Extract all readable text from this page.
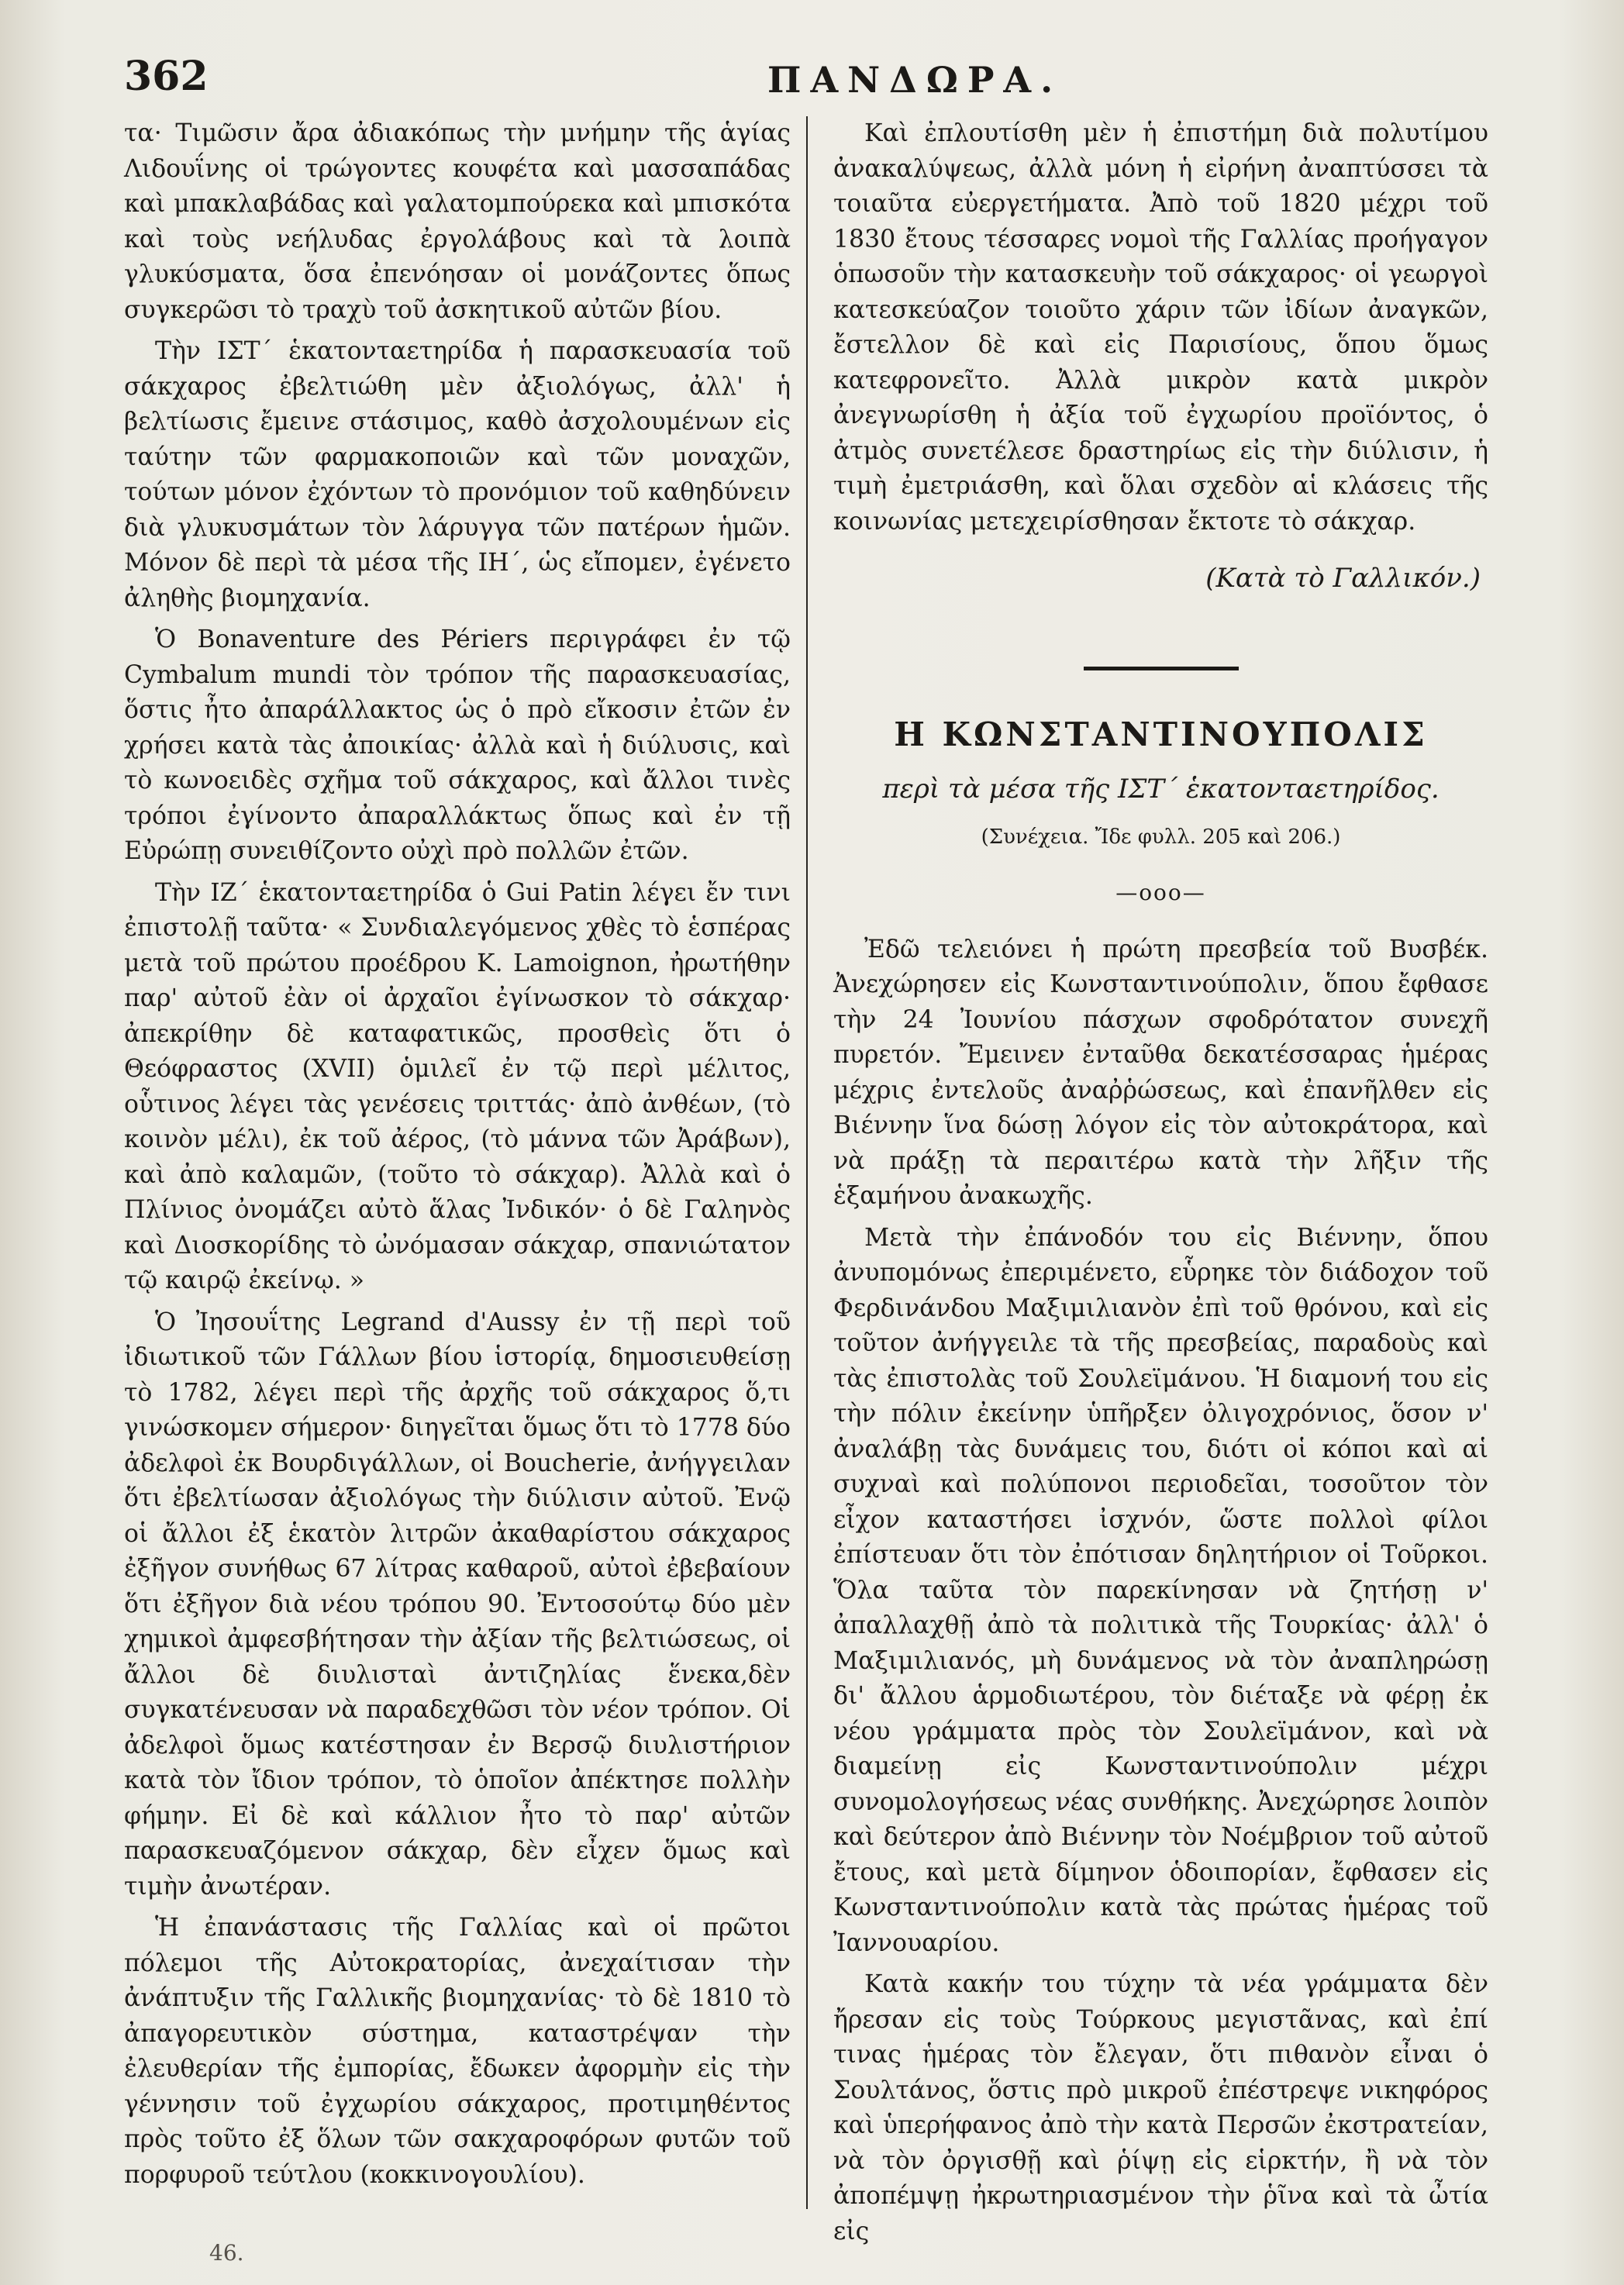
362	ΠΑΝΔΩΡΑ.

τα· Τιμῶσιν ἄρα ἀδιακόπως τὴν μνήμην τῆς ἁγίας Λιδουΐνης οἱ τρώγοντες κουφέτα καὶ μασσαπάδας καὶ μπακλαβάδας καὶ γαλατομπούρεκα καὶ μπισκότα καὶ τοὺς νεήλυδας ἐργολάβους καὶ τὰ λοιπὰ γλυκύσματα, ὅσα ἐπενόησαν οἱ μονάζοντες ὅπως συγκερῶσι τὸ τραχὺ τοῦ ἀσκητικοῦ αὐτῶν βίου.

Τὴν ΙΣΤ΄ ἑκατονταετηρίδα ἡ παρασκευασία τοῦ σάκχαρος ἐβελτιώθη μὲν ἀξιολόγως, ἀλλ' ἡ βελτίωσις ἔμεινε στάσιμος, καθὸ ἀσχολουμένων εἰς ταύτην τῶν φαρμακοποιῶν καὶ τῶν μοναχῶν, τούτων μόνον ἐχόντων τὸ προνόμιον τοῦ καθηδύνειν διὰ γλυκυσμάτων τὸν λάρυγγα τῶν πατέρων ἡμῶν. Μόνον δὲ περὶ τὰ μέσα τῆς ΙΗ΄, ὡς εἴπομεν, ἐγένετο ἀληθὴς βιομηχανία.

Ὁ Bonaventure des Périers περιγράφει ἐν τῷ Cymbalum mundi τὸν τρόπον τῆς παρασκευασίας, ὅστις ἦτο ἀπαράλλακτος ὡς ὁ πρὸ εἴκοσιν ἐτῶν ἐν χρήσει κατὰ τὰς ἀποικίας· ἀλλὰ καὶ ἡ διύλυσις, καὶ τὸ κωνοειδὲς σχῆμα τοῦ σάκχαρος, καὶ ἄλλοι τινὲς τρόποι ἐγίνοντο ἀπαραλλάκτως ὅπως καὶ ἐν τῇ Εὐρώπῃ συνειθίζοντο οὐχὶ πρὸ πολλῶν ἐτῶν.

Τὴν ΙΖ΄ ἑκατονταετηρίδα ὁ Gui Patin λέγει ἔν τινι ἐπιστολῇ ταῦτα· « Συνδιαλεγόμενος χθὲς τὸ ἑσπέρας μετὰ τοῦ πρώτου προέδρου Κ. Lamoignon, ἠρωτήθην παρ' αὐτοῦ ἐὰν οἱ ἀρχαῖοι ἐγίνωσκον τὸ σάκχαρ· ἀπεκρίθην δὲ καταφατικῶς, προσθεὶς ὅτι ὁ Θεόφραστος (XVII) ὁμιλεῖ ἐν τῷ περὶ μέλιτος, οὗτινος λέγει τὰς γενέσεις τριττάς· ἀπὸ ἀνθέων, (τὸ κοινὸν μέλι), ἐκ τοῦ ἀέρος, (τὸ μάννα τῶν Ἀράβων), καὶ ἀπὸ καλαμῶν, (τοῦτο τὸ σάκχαρ). Ἀλλὰ καὶ ὁ Πλίνιος ὀνομάζει αὐτὸ ἅλας Ἰνδικόν· ὁ δὲ Γαληνὸς καὶ Διοσκορίδης τὸ ὠνόμασαν σάκχαρ, σπανιώτατον τῷ καιρῷ ἐκείνῳ. »

Ὁ Ἰησουΐτης Legrand d'Aussy ἐν τῇ περὶ τοῦ ἰδιωτικοῦ τῶν Γάλλων βίου ἱστορίᾳ, δημοσιευθείσῃ τὸ 1782, λέγει περὶ τῆς ἀρχῆς τοῦ σάκχαρος ὅ,τι γινώσκομεν σήμερον· διηγεῖται ὅμως ὅτι τὸ 1778 δύο ἀδελφοὶ ἐκ Βουρδιγάλλων, οἱ Boucherie, ἀνήγγειλαν ὅτι ἐβελτίωσαν ἀξιολόγως τὴν διύλισιν αὐτοῦ. Ἐνῷ οἱ ἄλλοι ἐξ ἑκατὸν λιτρῶν ἀκαθαρίστου σάκχαρος ἐξῆγον συνήθως 67 λίτρας καθαροῦ, αὐτοὶ ἐβεβαίουν ὅτι ἐξῆγον διὰ νέου τρόπου 90. Ἐντοσούτῳ δύο μὲν χημικοὶ ἀμφεσβήτησαν τὴν ἀξίαν τῆς βελτιώσεως, οἱ ἄλλοι δὲ διυλισταὶ ἀντιζηλίας ἕνεκα,δὲν συγκατένευσαν νὰ παραδεχθῶσι τὸν νέον τρόπον. Οἱ ἀδελφοὶ ὅμως κατέστησαν ἐν Βερσῷ διυλιστήριον κατὰ τὸν ἴδιον τρόπον, τὸ ὁποῖον ἀπέκτησε πολλὴν φήμην. Εἰ δὲ καὶ κάλλιον ἦτο τὸ παρ' αὐτῶν παρασκευαζόμενον σάκχαρ, δὲν εἶχεν ὅμως καὶ τιμὴν ἀνωτέραν.

Ἡ ἐπανάστασις τῆς Γαλλίας καὶ οἱ πρῶτοι πόλεμοι τῆς Αὐτοκρατορίας, ἀνεχαίτισαν τὴν ἀνάπτυξιν τῆς Γαλλικῆς βιομηχανίας· τὸ δὲ 1810 τὸ ἀπαγορευτικὸν σύστημα, καταστρέψαν τὴν ἐλευθερίαν τῆς ἐμπορίας, ἔδωκεν ἀφορμὴν εἰς τὴν γέννησιν τοῦ ἐγχωρίου σάκχαρος, προτιμηθέντος πρὸς τοῦτο ἐξ ὅλων τῶν σακχαροφόρων φυτῶν τοῦ πορφυροῦ τεύτλου (κοκκινογουλίου).

Καὶ ἐπλουτίσθη μὲν ἡ ἐπιστήμη διὰ πολυτίμου ἀνακαλύψεως, ἀλλὰ μόνη ἡ εἰρήνη ἀναπτύσσει τὰ τοιαῦτα εὐεργετήματα. Ἀπὸ τοῦ 1820 μέχρι τοῦ 1830 ἔτους τέσσαρες νομοὶ τῆς Γαλλίας προήγαγον ὁπωσοῦν τὴν κατασκευὴν τοῦ σάκχαρος· οἱ γεωργοὶ κατεσκεύαζον τοιοῦτο χάριν τῶν ἰδίων ἀναγκῶν, ἔστελλον δὲ καὶ εἰς Παρισίους, ὅπου ὅμως κατεφρονεῖτο. Ἀλλὰ μικρὸν κατὰ μικρὸν ἀνεγνωρίσθη ἡ ἀξία τοῦ ἐγχωρίου προϊόντος, ὁ ἀτμὸς συνετέλεσε δραστηρίως εἰς τὴν διύλισιν, ἡ τιμὴ ἐμετριάσθη, καὶ ὅλαι σχεδὸν αἱ κλάσεις τῆς κοινωνίας μετεχειρίσθησαν ἔκτοτε τὸ σάκχαρ.

(Κατὰ τὸ Γαλλικόν.)

Η ΚΩΝΣΤΑΝΤΙΝΟΥΠΟΛΙΣ

περὶ τὰ μέσα τῆς ΙΣΤ΄ ἑκατονταετηρίδος.

(Συνέχεια. Ἴδε φυλλ. 205 καὶ 206.)

—οοο—

Ἐδῶ τελειόνει ἡ πρώτη πρεσβεία τοῦ Βυσβέκ. Ἀνεχώρησεν εἰς Κωνσταντινούπολιν, ὅπου ἔφθασε τὴν 24 Ἰουνίου πάσχων σφοδρότατον συνεχῆ πυρετόν. Ἔμεινεν ἐνταῦθα δεκατέσσαρας ἡμέρας μέχρις ἐντελοῦς ἀναῤῥώσεως, καὶ ἐπανῆλθεν εἰς Βιέννην ἵνα δώσῃ λόγον εἰς τὸν αὐτοκράτορα, καὶ νὰ πράξῃ τὰ περαιτέρω κατὰ τὴν λῆξιν τῆς ἑξαμήνου ἀνακωχῆς.

Μετὰ τὴν ἐπάνοδόν του εἰς Βιέννην, ὅπου ἀνυπομόνως ἐπεριμένετο, εὗρηκε τὸν διάδοχον τοῦ Φερδινάνδου Μαξιμιλιανὸν ἐπὶ τοῦ θρόνου, καὶ εἰς τοῦτον ἀνήγγειλε τὰ τῆς πρεσβείας, παραδοὺς καὶ τὰς ἐπιστολὰς τοῦ Σουλεϊμάνου. Ἡ διαμονή του εἰς τὴν πόλιν ἐκείνην ὑπῆρξεν ὀλιγοχρόνιος, ὅσον ν' ἀναλάβῃ τὰς δυνάμεις του, διότι οἱ κόποι καὶ αἱ συχναὶ καὶ πολύπονοι περιοδεῖαι, τοσοῦτον τὸν εἶχον καταστήσει ἰσχνόν, ὥστε πολλοὶ φίλοι ἐπίστευαν ὅτι τὸν ἐπότισαν δηλητήριον οἱ Τοῦρκοι. Ὅλα ταῦτα τὸν παρεκίνησαν νὰ ζητήσῃ ν' ἀπαλλαχθῇ ἀπὸ τὰ πολιτικὰ τῆς Τουρκίας· ἀλλ' ὁ Μαξιμιλιανός, μὴ δυνάμενος νὰ τὸν ἀναπληρώσῃ δι' ἄλλου ἁρμοδιωτέρου, τὸν διέταξε νὰ φέρῃ ἐκ νέου γράμματα πρὸς τὸν Σουλεϊμάνον, καὶ νὰ διαμείνῃ εἰς Κωνσταντινούπολιν μέχρι συνομολογήσεως νέας συνθήκης. Ἀνεχώρησε λοιπὸν καὶ δεύτερον ἀπὸ Βιέννην τὸν Νοέμβριον τοῦ αὐτοῦ ἔτους, καὶ μετὰ δίμηνον ὁδοιπορίαν, ἔφθασεν εἰς Κωνσταντινούπολιν κατὰ τὰς πρώτας ἡμέρας τοῦ Ἰαννουαρίου.

Κατὰ κακήν του τύχην τὰ νέα γράμματα δὲν ἤρεσαν εἰς τοὺς Τούρκους μεγιστᾶνας, καὶ ἐπί τινας ἡμέρας τὸν ἔλεγαν, ὅτι πιθανὸν εἶναι ὁ Σουλτάνος, ὅστις πρὸ μικροῦ ἐπέστρεψε νικηφόρος καὶ ὑπερήφανος ἀπὸ τὴν κατὰ Περσῶν ἐκστρατείαν, νὰ τὸν ὀργισθῇ καὶ ῥίψῃ εἰς εἱρκτήν, ἢ νὰ τὸν ἀποπέμψῃ ἠκρωτηριασμένον τὴν ῥῖνα καὶ τὰ ὦτία εἰς

46.
